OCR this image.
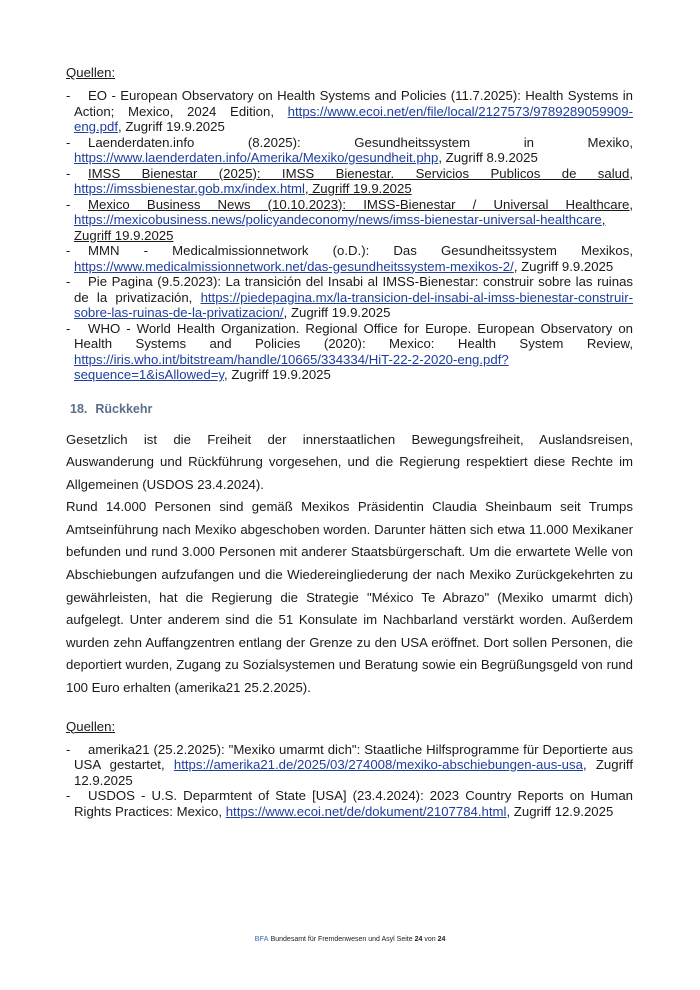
Quellen:
- EO - European Observatory on Health Systems and Policies (11.7.2025): Health Systems in Action; Mexico, 2024 Edition, https://www.ecoi.net/en/file/local/2127573/9789289059909-eng.pdf, Zugriff 19.9.2025
- Laenderdaten.info (8.2025): Gesundheitssystem in Mexiko, https://www.laenderdaten.info/Amerika/Mexiko/gesundheit.php, Zugriff 8.9.2025
- IMSS Bienestar (2025): IMSS Bienestar. Servicios Publicos de salud, https://imssbienestar.gob.mx/index.html, Zugriff 19.9.2025
- Mexico Business News (10.10.2023): IMSS-Bienestar / Universal Healthcare, https://mexicobusiness.news/policyandeconomy/news/imss-bienestar-universal-healthcare, Zugriff 19.9.2025
- MMN - Medicalmissionnetwork (o.D.): Das Gesundheitssystem Mexikos, https://www.medicalmissionnetwork.net/das-gesundheitssystem-mexikos-2/, Zugriff 9.9.2025
- Pie Pagina (9.5.2023): La transición del Insabi al IMSS-Bienestar: construir sobre las ruinas de la privatización, https://piedepagina.mx/la-transicion-del-insabi-al-imss-bienestar-construir-sobre-las-ruinas-de-la-privatizacion/, Zugriff 19.9.2025
- WHO - World Health Organization. Regional Office for Europe. European Observatory on Health Systems and Policies (2020): Mexico: Health System Review, https://iris.who.int/bitstream/handle/10665/334334/HiT-22-2-2020-eng.pdf?sequence=1&isAllowed=y, Zugriff 19.9.2025
18. Rückkehr

Gesetzlich ist die Freiheit der innerstaatlichen Bewegungsfreiheit, Auslandsreisen, Auswanderung und Rückführung vorgesehen, und die Regierung respektiert diese Rechte im Allgemeinen (USDOS 23.4.2024).

Rund 14.000 Personen sind gemäß Mexikos Präsidentin Claudia Sheinbaum seit Trumps Amtseinführung nach Mexiko abgeschoben worden. Darunter hätten sich etwa 11.000 Mexikaner befunden und rund 3.000 Personen mit anderer Staatsbürgerschaft. Um die erwartete Welle von Abschiebungen aufzufangen und die Wiedereingliederung der nach Mexiko Zurückgekehrten zu gewährleisten, hat die Regierung die Strategie "México Te Abrazo" (Mexiko umarmt dich) aufgelegt. Unter anderem sind die 51 Konsulate im Nachbarland verstärkt worden. Außerdem wurden zehn Auffangzentren entlang der Grenze zu den USA eröffnet. Dort sollen Personen, die deportiert wurden, Zugang zu Sozialsystemen und Beratung sowie ein Begrüßungsgeld von rund 100 Euro erhalten (amerika21 25.2.2025).

Quellen:
- amerika21 (25.2.2025): "Mexiko umarmt dich": Staatliche Hilfsprogramme für Deportierte aus USA gestartet, https://amerika21.de/2025/03/274008/mexiko-abschiebungen-aus-usa, Zugriff 12.9.2025
- USDOS - U.S. Deparmtent of State [USA] (23.4.2024): 2023 Country Reports on Human Rights Practices: Mexico, https://www.ecoi.net/de/dokument/2107784.html, Zugriff 12.9.2025
BFA Bundesamt für Fremdenwesen und Asyl Seite 24 von 24
